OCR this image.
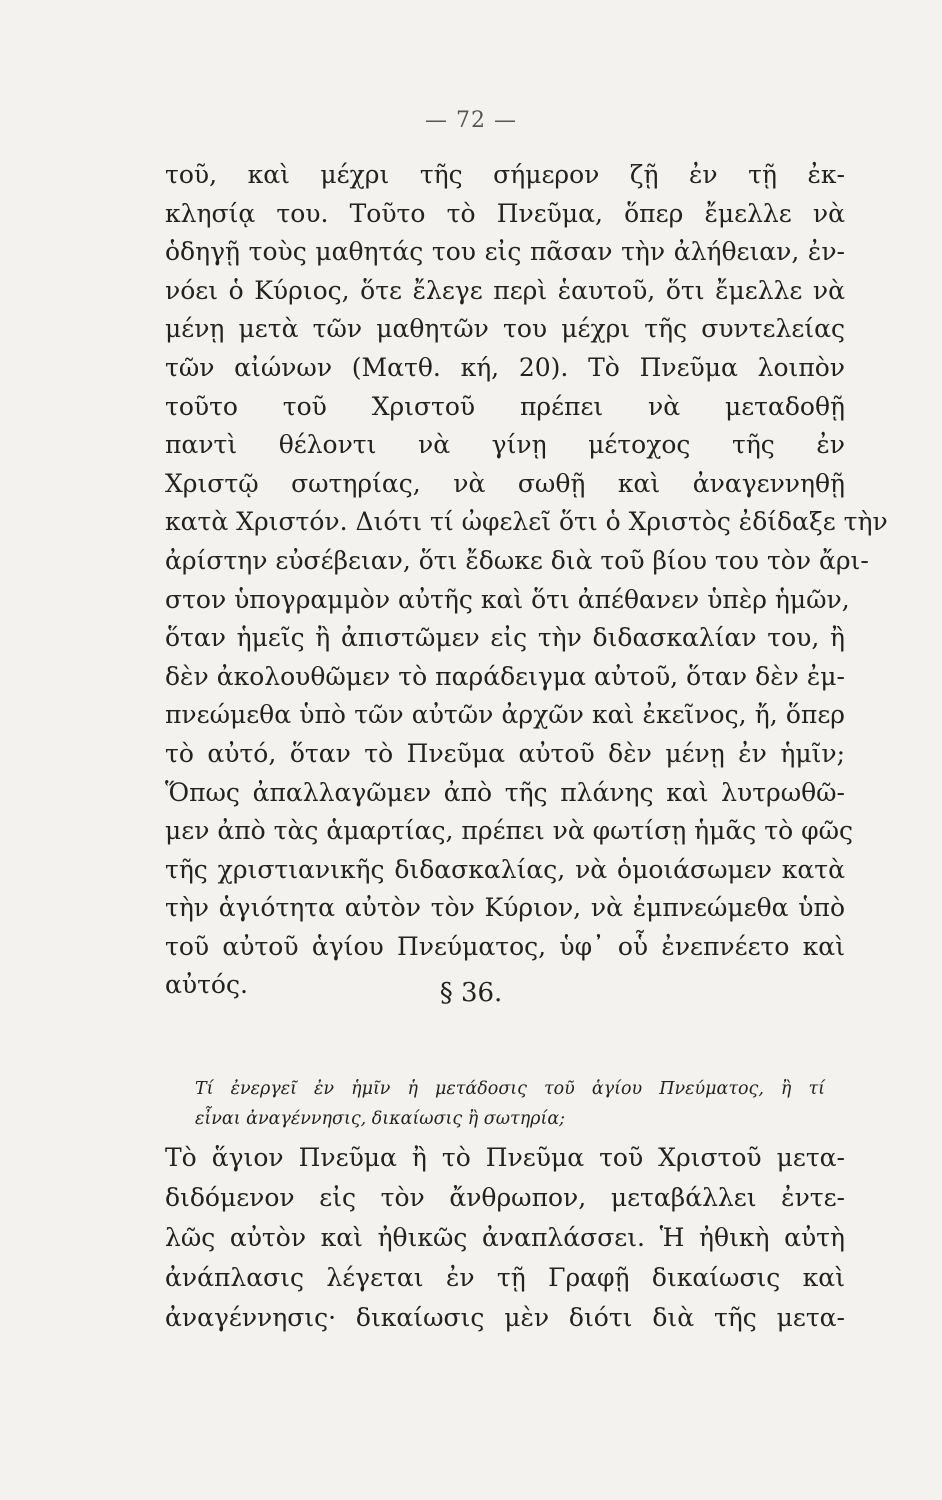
— 72 —
τοῦ, καὶ μέχρι τῆς σήμερον ζῇ ἐν τῇ ἐκ-
κλησίᾳ του. Τοῦτο τὸ Πνεῦμα, ὅπερ ἔμελλε νὰ
ὁδηγῇ τοὺς μαθητάς του εἰς πᾶσαν τὴν ἀλήθειαν, ἐν-
νόει ὁ Κύριος, ὅτε ἔλεγε περὶ ἑαυτοῦ, ὅτι ἔμελλε νὰ
μένῃ μετὰ τῶν μαθητῶν του μέχρι τῆς συντελείας
τῶν αἰώνων (Ματθ. κή, 20). Τὸ Πνεῦμα λοιπὸν
τοῦτο τοῦ Χριστοῦ πρέπει νὰ μεταδοθῇ
παντὶ θέλοντι νὰ γίνῃ μέτοχος τῆς ἐν
Χριστῷ σωτηρίας, νὰ σωθῇ καὶ ἀναγεννηθῇ
κατὰ Χριστόν. Διότι τί ὠφελεῖ ὅτι ὁ Χριστὸς ἐδίδαξε τὴν
ἀρίστην εὐσέβειαν, ὅτι ἔδωκε διὰ τοῦ βίου του τὸν ἄρι-
στον ὑπογραμμὸν αὐτῆς καὶ ὅτι ἀπέθανεν ὑπὲρ ἡμῶν,
ὅταν ἡμεῖς ἢ ἀπιστῶμεν εἰς τὴν διδασκαλίαν του, ἢ
δὲν ἀκολουθῶμεν τὸ παράδειγμα αὐτοῦ, ὅταν δὲν ἐμ-
πνεώμεθα ὑπὸ τῶν αὐτῶν ἀρχῶν καὶ ἐκεῖνος, ἤ, ὅπερ
τὸ αὐτό, ὅταν τὸ Πνεῦμα αὐτοῦ δὲν μένῃ ἐν ἡμῖν;
Ὅπως ἀπαλλαγῶμεν ἀπὸ τῆς πλάνης καὶ λυτρωθῶ-
μεν ἀπὸ τὰς ἁμαρτίας, πρέπει νὰ φωτίσῃ ἡμᾶς τὸ φῶς
τῆς χριστιανικῆς διδασκαλίας, νὰ ὁμοιάσωμεν κατὰ
τὴν ἁγιότητα αὐτὸν τὸν Κύριον, νὰ ἐμπνεώμεθα ὑπὸ
τοῦ αὐτοῦ ἁγίου Πνεύματος, ὑφ᾽ οὗ ἐνεπνέετο καὶ
αὐτός.	§ 36.
Τί ἐνεργεῖ ἐν ἡμῖν ἡ μετάδοσις τοῦ ἁγίου Πνεύματος, ἢ τί
εἶναι ἀναγέννησις, δικαίωσις ἢ σωτηρία;
Τὸ ἅγιον Πνεῦμα ἢ τὸ Πνεῦμα τοῦ Χριστοῦ μετα-
διδόμενον εἰς τὸν ἄνθρωπον, μεταβάλλει ἐντε-
λῶς αὐτὸν καὶ ἠθικῶς ἀναπλάσσει. Ἡ ἠθικὴ αὐτὴ
ἀνάπλασις λέγεται ἐν τῇ Γραφῇ δικαίωσις καὶ
ἀναγέννησις· δικαίωσις μὲν διότι διὰ τῆς μετα-
